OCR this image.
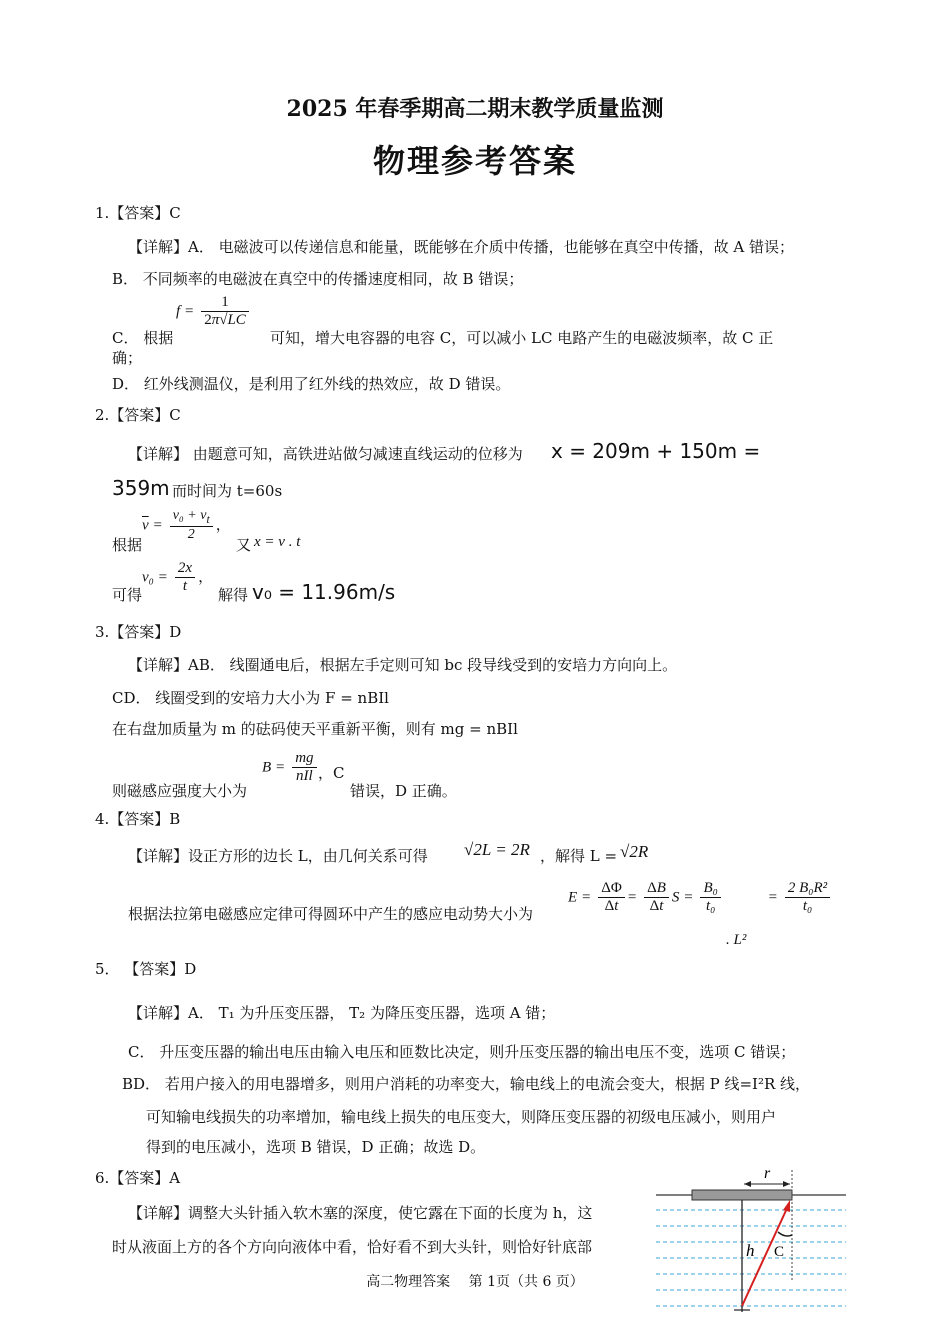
2025 年春季期高二期末教学质量监测
物理参考答案
1.【答案】C
【详解】A． 电磁波可以传递信息和能量，既能够在介质中传播，也能够在真空中传播，故 A 错误；
B． 不同频率的电磁波在真空中的传播速度相同，故 B 错误；
$f = \frac{1}{2\pi√LC}$
C． 根据	可知，增大电容器的电容 C，可以减小 LC 电路产生的电磁波频率，故 C 正
确；
D． 红外线测温仪，是利用了红外线的热效应，故 D 错误。
2.【答案】C
【详解】 由题意可知，高铁进站做匀减速直线运动的位移为 x = 209m + 150m =
359m 而时间为 t=60s
根据
$\overline{v} = \frac{v_0 + v_t}{2}$ ，
又 x = v . t
可得
$v_0 = \frac{2x}{t}$ ，
解得 v₀ = 11.96m/s
3.【答案】D
【详解】AB． 线圈通电后，根据左手定则可知 bc 段导线受到的安培力方向向上。
CD． 线圈受到的安培力大小为 F = nBIl
在右盘加质量为 m 的砝码使天平重新平衡，则有 mg = nBIl
则磁感应强度大小为
$B = \frac{mg}{\text{nIl}}$ ，C
错误，D 正确。
4.【答案】B
【详解】设正方形的边长 L，由几何关系可得 √2L = 2R ，解得 L = √2R
根据法拉第电磁感应定律可得圆环中产生的感应电动势大小为
$E = \frac{\Delta\Phi}{\Delta t} = \frac{\Delta B}{\Delta t}$ $S = \frac{\text{B₀}}{\text{t₀}}$	= $\frac{\text{2 B₀R²}}{\text{t₀}}$
. L²
5． 【答案】D
【详解】A． T₁ 为升压变压器， T₂ 为降压变压器，选项 A 错；
C． 升压变压器的输出电压由输入电压和匝数比决定，则升压变压器的输出电压不变，选项 C 错误；
BD． 若用户接入的用电器增多，则用户消耗的功率变大，输电线上的电流会变大，根据 P 线=I²R 线，
可知输电线损失的功率增加，输电线上损失的电压变大，则降压变压器的初级电压减小，则用户
得到的电压减小，选项 B 错误，D 正确；故选 D。
6.【答案】A
【详解】调整大头针插入软木塞的深度，使它露在下面的长度为 h，这
时从液面上方的各个方向向液体中看，恰好看不到大头针，则恰好针底部
r
h C
高二物理答案　 第 1页（共 6 页）
